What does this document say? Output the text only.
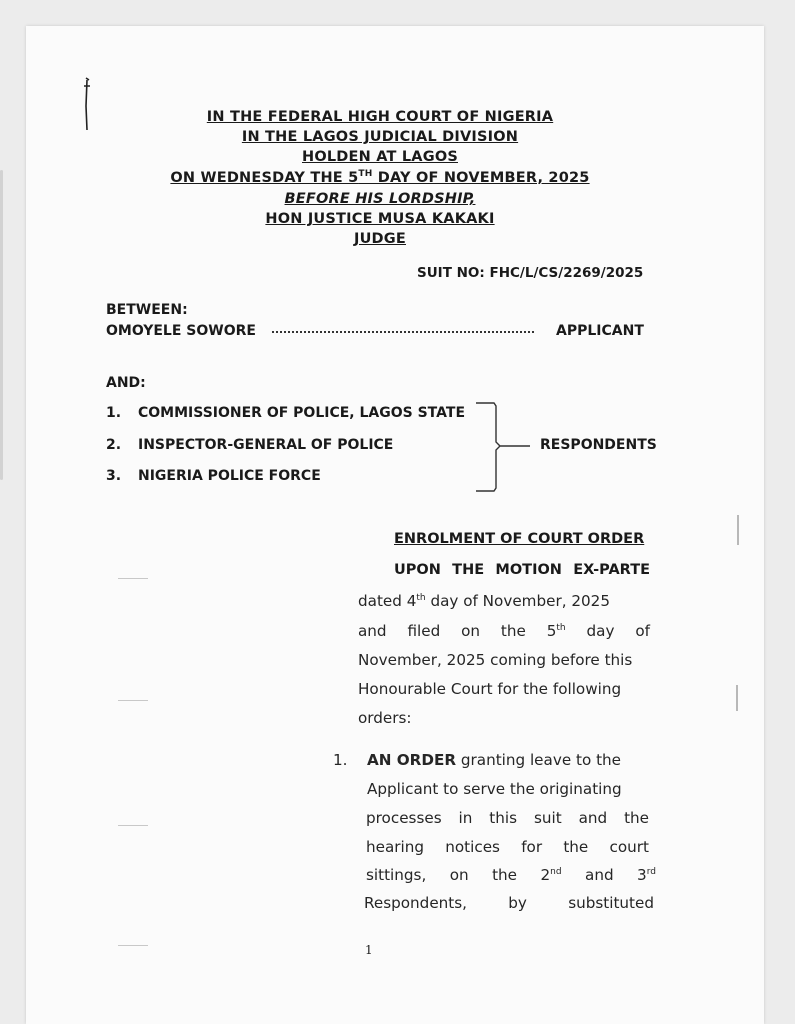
IN THE FEDERAL HIGH COURT OF NIGERIA
IN THE LAGOS JUDICIAL DIVISION
HOLDEN AT LAGOS
ON WEDNESDAY THE 5TH DAY OF NOVEMBER, 2025
BEFORE HIS LORDSHIP,
HON JUSTICE MUSA KAKAKI
JUDGE
SUIT NO: FHC/L/CS/2269/2025
BETWEEN:
OMOYELE SOWORE	APPLICANT
AND:
1. COMMISSIONER OF POLICE, LAGOS STATE
2. INSPECTOR-GENERAL OF POLICE
3. NIGERIA POLICE FORCE
RESPONDENTS
ENROLMENT OF COURT ORDER
UPON THE MOTION EX-PARTE
dated 4th day of November, 2025
and filed on the 5th day of
November, 2025 coming before this
Honourable Court for the following
orders:
1. AN ORDER granting leave to the
Applicant to serve the originating
processes in this suit and the
hearing notices for the court
sittings, on the 2nd and 3rd
Respondents, by substituted
1
